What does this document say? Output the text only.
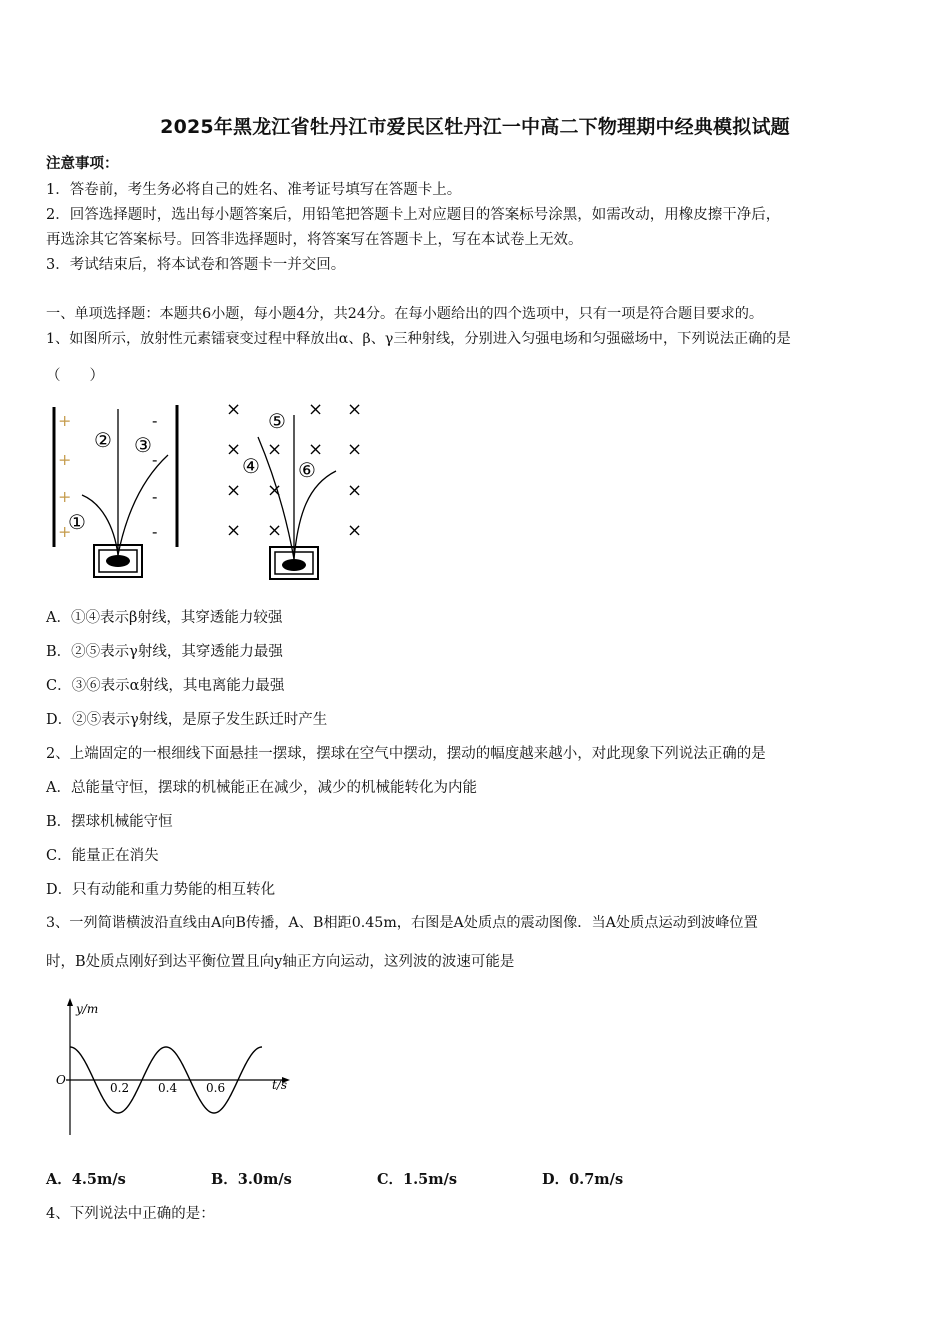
2025年黑龙江省牡丹江市爱民区牡丹江一中高二下物理期中经典模拟试题
注意事项：
1．答卷前，考生务必将自己的姓名、准考证号填写在答题卡上。
2．回答选择题时，选出每小题答案后，用铅笔把答题卡上对应题目的答案标号涂黑，如需改动，用橡皮擦干净后，
再选涂其它答案标号。回答非选择题时，将答案写在答题卡上，写在本试卷上无效。
3．考试结束后，将本试卷和答题卡一并交回。
一、单项选择题：本题共6小题，每小题4分，共24分。在每小题给出的四个选项中，只有一项是符合题目要求的。
1、如图所示，放射性元素镭衰变过程中释放出α、β、γ三种射线，分别进入匀强电场和匀强磁场中，下列说法正确的是
（　　）
+
+
+
+
-
-
-
-
①
② ③
×	× ×
× × × ×
× ×	×
× ×	×
⑤
④ ⑥
A．①④表示β射线，其穿透能力较强
B．②⑤表示γ射线，其穿透能力最强
C．③⑥表示α射线，其电离能力最强
D．②⑤表示γ射线，是原子发生跃迁时产生
2、上端固定的一根细线下面悬挂一摆球，摆球在空气中摆动，摆动的幅度越来越小，对此现象下列说法正确的是
A．总能量守恒，摆球的机械能正在减少，减少的机械能转化为内能
B．摆球机械能守恒
C．能量正在消失
D．只有动能和重力势能的相互转化
3、一列简谐横波沿直线由A向B传播，A、B相距0.45m，右图是A处质点的震动图像．当A处质点运动到波峰位置
时，B处质点刚好到达平衡位置且向y轴正方向运动，这列波的波速可能是
y/m
t/s
O
0.2 0.4 0.6
A．4.5m/s	B．3.0m/s	C．1.5m/s	D．0.7m/s
4、下列说法中正确的是：
